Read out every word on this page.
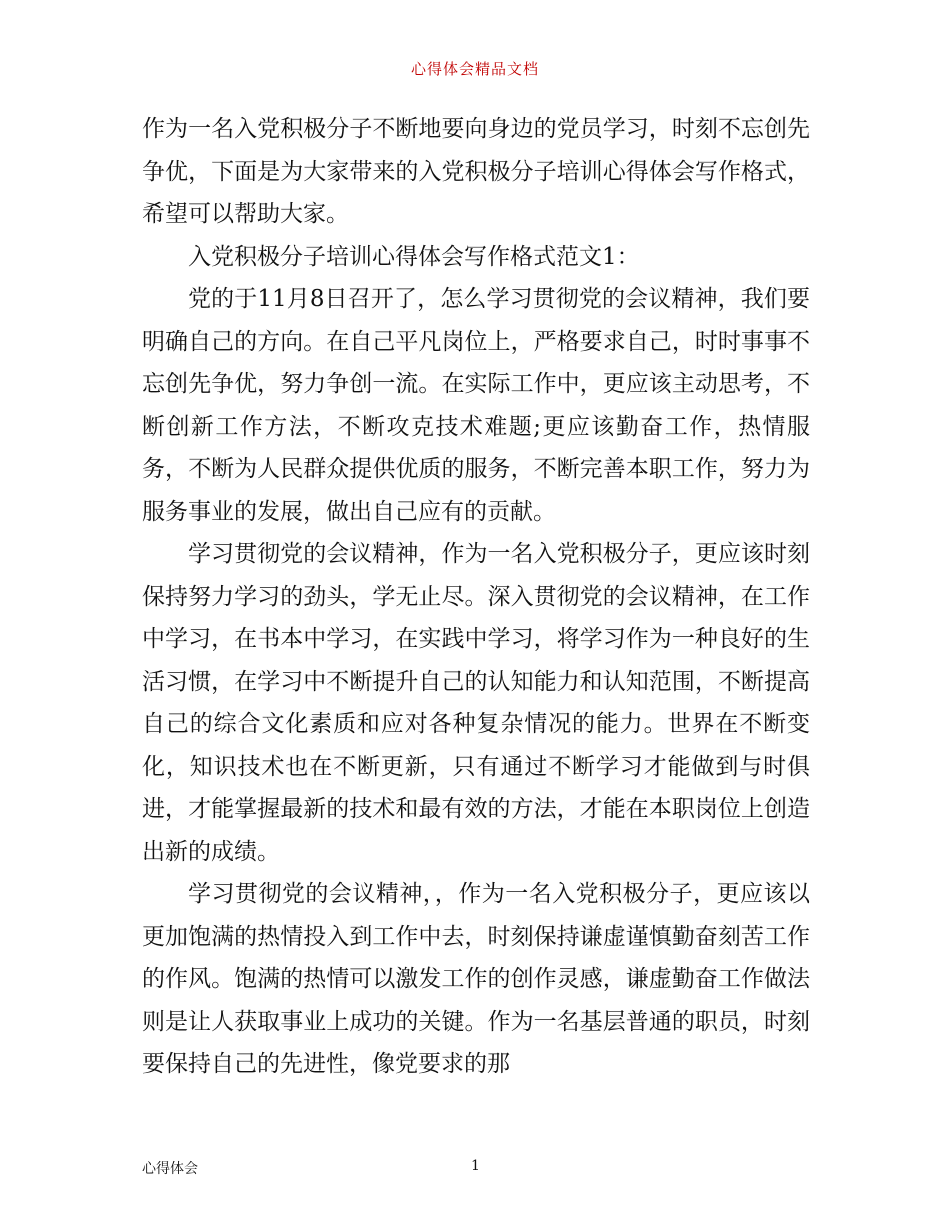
心得体会精品文档

作为一名入党积极分子不断地要向身边的党员学习，时刻不忘创先争优，下面是为大家带来的入党积极分子培训心得体会写作格式，希望可以帮助大家。

入党积极分子培训心得体会写作格式范文1：

党的于11月8日召开了，怎么学习贯彻党的会议精神，我们要明确自己的方向。在自己平凡岗位上，严格要求自己，时时事事不忘创先争优，努力争创一流。在实际工作中，更应该主动思考，不断创新工作方法，不断攻克技术难题;更应该勤奋工作，热情服务，不断为人民群众提供优质的服务，不断完善本职工作，努力为服务事业的发展，做出自己应有的贡献。

学习贯彻党的会议精神，作为一名入党积极分子，更应该时刻保持努力学习的劲头，学无止尽。深入贯彻党的会议精神，在工作中学习，在书本中学习，在实践中学习，将学习作为一种良好的生活习惯，在学习中不断提升自己的认知能力和认知范围，不断提高自己的综合文化素质和应对各种复杂情况的能力。世界在不断变化，知识技术也在不断更新，只有通过不断学习才能做到与时俱进，才能掌握最新的技术和最有效的方法，才能在本职岗位上创造出新的成绩。

学习贯彻党的会议精神，，作为一名入党积极分子，更应该以更加饱满的热情投入到工作中去，时刻保持谦虚谨慎勤奋刻苦工作的作风。饱满的热情可以激发工作的创作灵感，谦虚勤奋工作做法则是让人获取事业上成功的关键。作为一名基层普通的职员，时刻要保持自己的先进性，像党要求的那

心得体会	1
